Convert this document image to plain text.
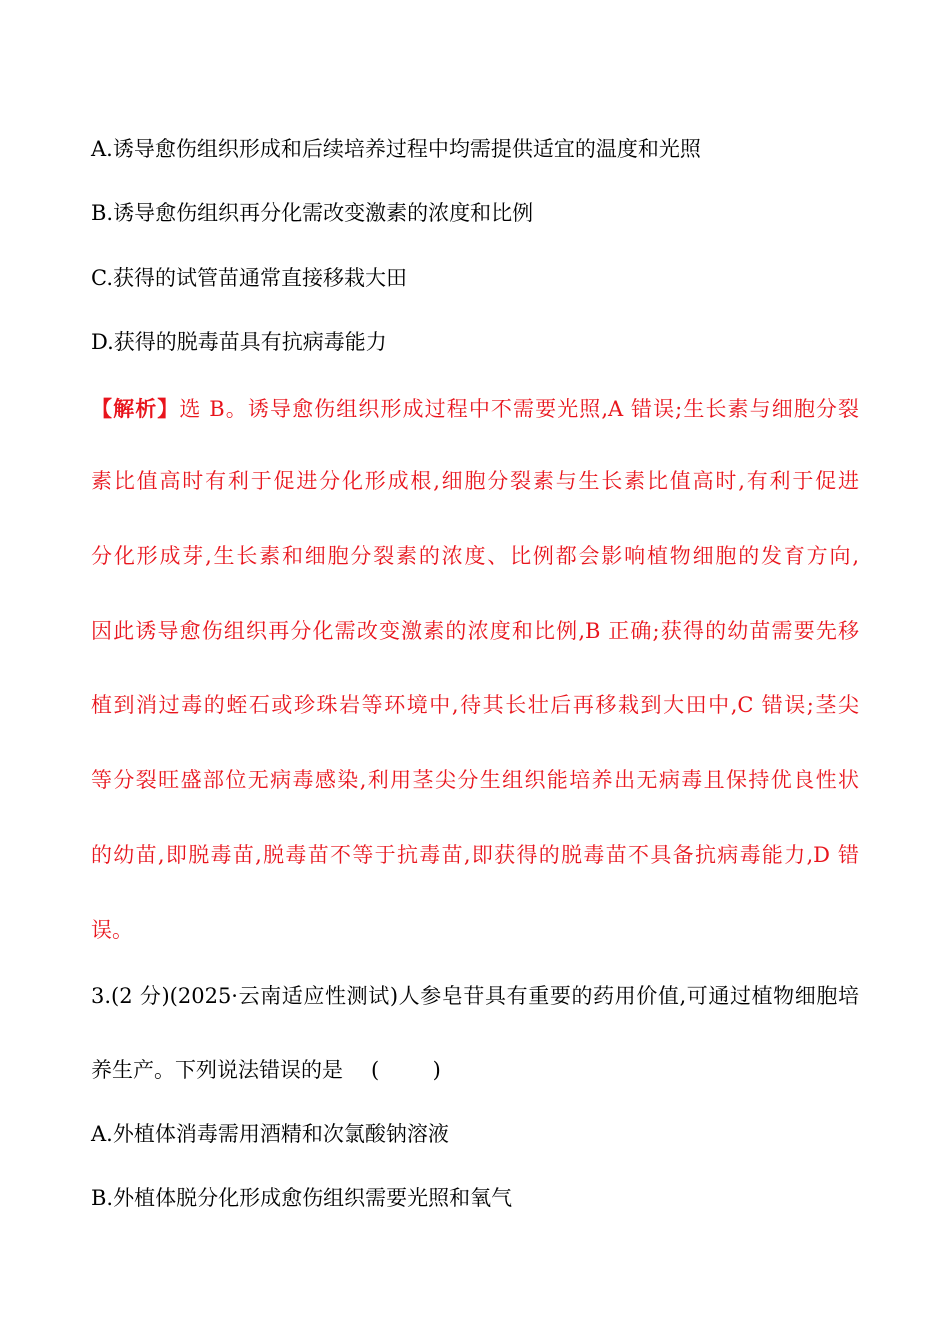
A.诱导愈伤组织形成和后续培养过程中均需提供适宜的温度和光照
B.诱导愈伤组织再分化需改变激素的浓度和比例
C.获得的试管苗通常直接移栽大田
D.获得的脱毒苗具有抗病毒能力
【解析】选 B。诱导愈伤组织形成过程中不需要光照,A 错误;生长素与细胞分裂
素比值高时有利于促进分化形成根,细胞分裂素与生长素比值高时,有利于促进
分化形成芽,生长素和细胞分裂素的浓度、比例都会影响植物细胞的发育方向,
因此诱导愈伤组织再分化需改变激素的浓度和比例,B 正确;获得的幼苗需要先移
植到消过毒的蛭石或珍珠岩等环境中,待其长壮后再移栽到大田中,C 错误;茎尖
等分裂旺盛部位无病毒感染,利用茎尖分生组织能培养出无病毒且保持优良性状
的幼苗,即脱毒苗,脱毒苗不等于抗毒苗,即获得的脱毒苗不具备抗病毒能力,D 错
误。
3.(2 分)(2025·云南适应性测试)人参皂苷具有重要的药用价值,可通过植物细胞培
养生产。下列说法错误的是 (        )
A.外植体消毒需用酒精和次氯酸钠溶液
B.外植体脱分化形成愈伤组织需要光照和氧气
